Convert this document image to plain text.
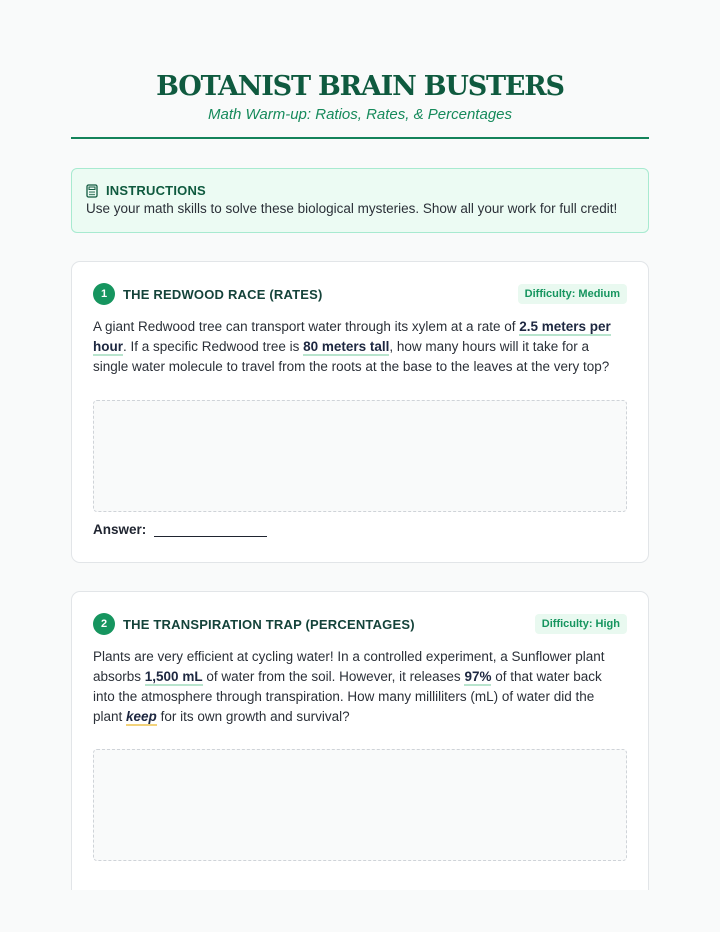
BOTANIST BRAIN BUSTERS
Math Warm-up: Ratios, Rates, & Percentages
INSTRUCTIONS
Use your math skills to solve these biological mysteries. Show all your work for full credit!
1	THE REDWOOD RACE (RATES)	Difficulty: Medium
A giant Redwood tree can transport water through its xylem at a rate of 2.5 meters per hour. If a specific Redwood tree is 80 meters tall, how many hours will it take for a single water molecule to travel from the roots at the base to the leaves at the very top?
Answer:
2	THE TRANSPIRATION TRAP (PERCENTAGES)	Difficulty: High
Plants are very efficient at cycling water! In a controlled experiment, a Sunflower plant absorbs 1,500 mL of water from the soil. However, it releases 97% of that water back into the atmosphere through transpiration. How many milliliters (mL) of water did the plant keep for its own growth and survival?
